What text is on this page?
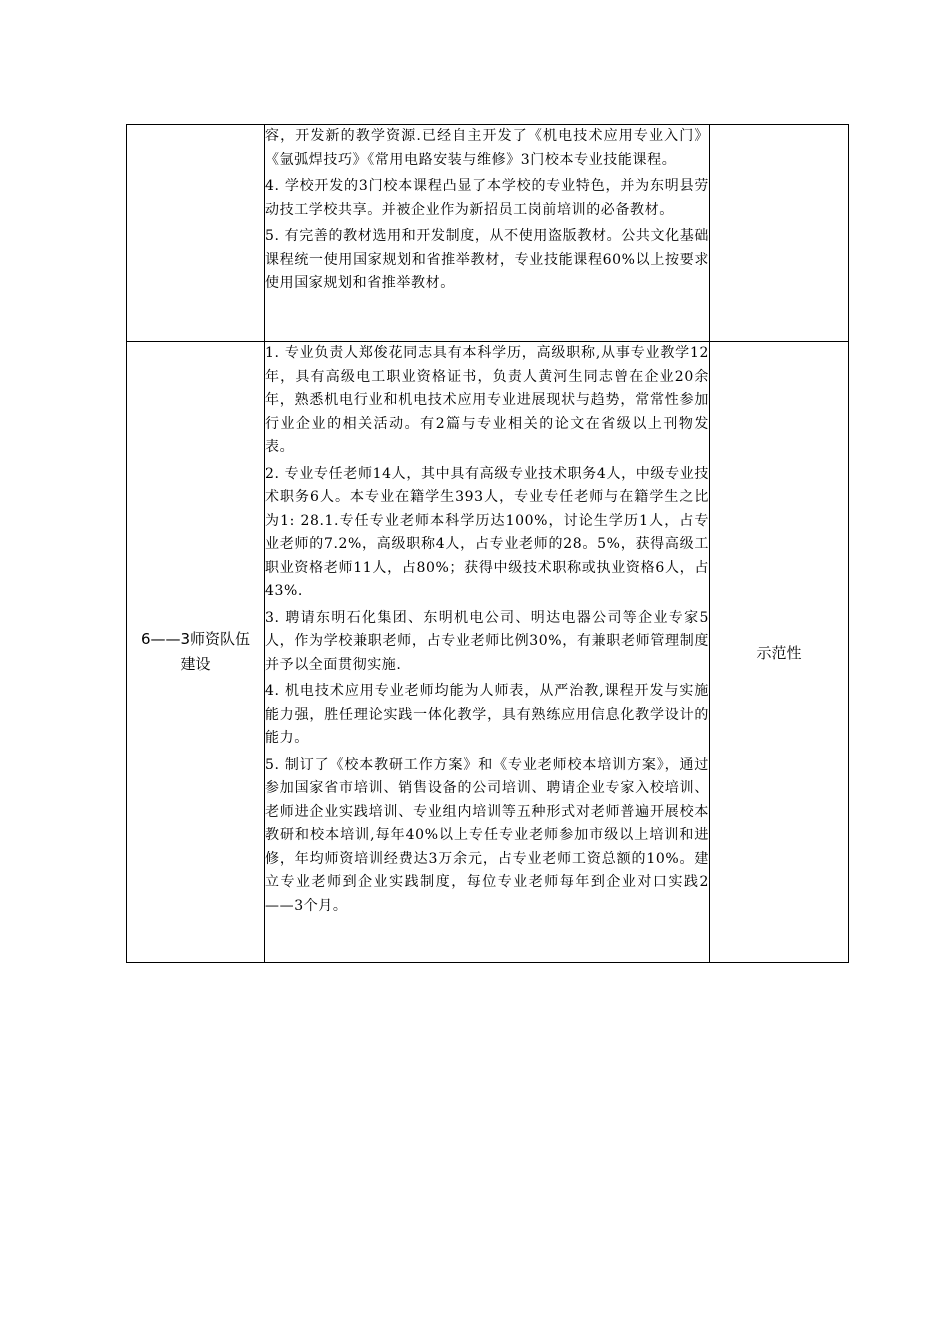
	容，开发新的教学资源.已经自主开发了《机电技术应用专业入门》《氩弧焊技巧》《常用电路安装与维修》3门校本专业技能课程。

4. 学校开发的3门校本课程凸显了本学校的专业特色，并为东明县劳动技工学校共享。并被企业作为新招员工岗前培训的必备教材。

5. 有完善的教材选用和开发制度，从不使用盗版教材。公共文化基础课程统一使用国家规划和省推举教材，专业技能课程60%以上按要求使用国家规划和省推举教材。	

6——3师资队伍建设	1. 专业负责人郑俊花同志具有本科学历，高级职称,从事专业教学12年，具有高级电工职业资格证书，负责人黄河生同志曾在企业20余年，熟悉机电行业和机电技术应用专业进展现状与趋势，常常性参加行业企业的相关活动。有2篇与专业相关的论文在省级以上刊物发表。

2. 专业专任老师14人，其中具有高级专业技术职务4人，中级专业技术职务6人。本专业在籍学生393人，专业专任老师与在籍学生之比为1: 28.1.专任专业老师本科学历达100%，讨论生学历1人，占专业老师的7.2%，高级职称4人，占专业老师的28。5%，获得高级工职业资格老师11人，占80%；获得中级技术职称或执业资格6人，占43%.

3. 聘请东明石化集团、东明机电公司、明达电器公司等企业专家5人，作为学校兼职老师，占专业老师比例30%，有兼职老师管理制度并予以全面贯彻实施.

4. 机电技术应用专业老师均能为人师表，从严治教,课程开发与实施能力强，胜任理论实践一体化教学，具有熟练应用信息化教学设计的能力。

5. 制订了《校本教研工作方案》和《专业老师校本培训方案》，通过参加国家省市培训、销售设备的公司培训、聘请企业专家入校培训、老师进企业实践培训、专业组内培训等五种形式对老师普遍开展校本教研和校本培训,每年40%以上专任专业老师参加市级以上培训和进修，年均师资培训经费达3万余元，占专业老师工资总额的10%。建立专业老师到企业实践制度，每位专业老师每年到企业对口实践2——3个月。	示范性
